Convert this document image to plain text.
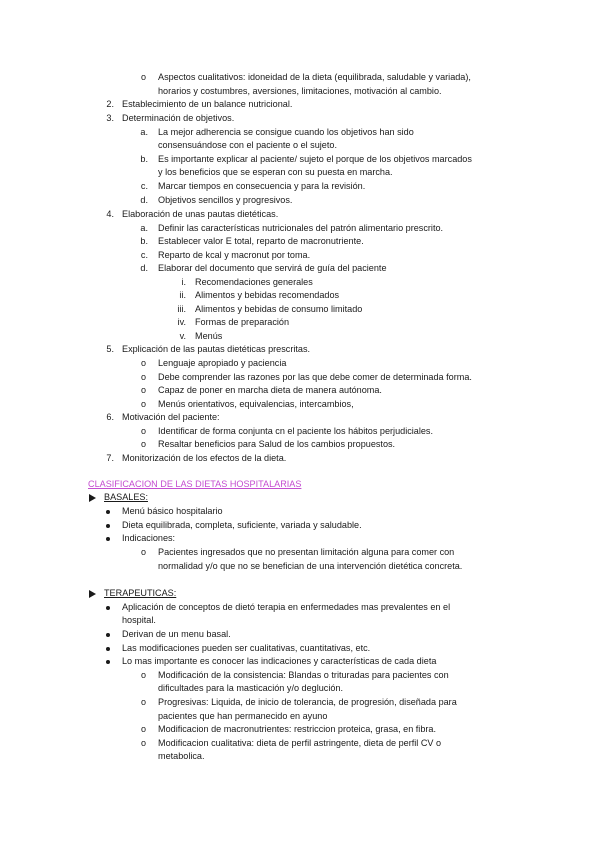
o Aspectos cualitativos: idoneidad de la dieta (equilibrada, saludable y variada),
horarios y costumbres, aversiones, limitaciones, motivación al cambio.
2. Establecimiento de un balance nutricional.
3. Determinación de objetivos.
a. La mejor adherencia se consigue cuando los objetivos han sido
consensuándose con el paciente o el sujeto.
b. Es importante explicar al paciente/ sujeto el porque de los objetivos marcados
y los beneficios que se esperan con su puesta en marcha.
c. Marcar tiempos en consecuencia y para la revisión.
d. Objetivos sencillos y progresivos.
4. Elaboración de unas pautas dietéticas.
a. Definir las características nutricionales del patrón alimentario prescrito.
b. Establecer valor E total, reparto de macronutriente.
c. Reparto de kcal y macronut por toma.
d. Elaborar del documento que servirá de guía del paciente
i. Recomendaciones generales
ii. Alimentos y bebidas recomendados
iii. Alimentos y bebidas de consumo limitado
iv. Formas de preparación
v. Menús
5. Explicación de las pautas dietéticas prescritas.
o Lenguaje apropiado y paciencia
o Debe comprender las razones por las que debe comer de determinada forma.
o Capaz de poner en marcha dieta de manera autónoma.
o Menús orientativos, equivalencias, intercambios,
6. Motivación del paciente:
o Identificar de forma conjunta cn el paciente los hábitos perjudiciales.
o Resaltar beneficios para Salud de los cambios propuestos.
7. Monitorización de los efectos de la dieta.
CLASIFICACION DE LAS DIETAS HOSPITALARIAS
BASALES:
Menú básico hospitalario
Dieta equilibrada, completa, suficiente, variada y saludable.
Indicaciones:
o Pacientes ingresados que no presentan limitación alguna para comer con
normalidad y/o que no se benefician de una intervención dietética concreta.
TERAPEUTICAS:
Aplicación de conceptos de dietó terapia en enfermedades mas prevalentes en el
hospital.
Derivan de un menu basal.
Las modificaciones pueden ser cualitativas, cuantitativas, etc.
Lo mas importante es conocer las indicaciones y características de cada dieta
o Modificación de la consistencia: Blandas o trituradas para pacientes con
dificultades para la masticación y/o deglución.
o Progresivas: Liquida, de inicio de tolerancia, de progresión, diseñada para
pacientes que han permanecido en ayuno
o Modificacion de macronutrientes: restriccion proteica, grasa, en fibra.
o Modificacion cualitativa: dieta de perfil astringente, dieta de perfil CV o
metabolica.
